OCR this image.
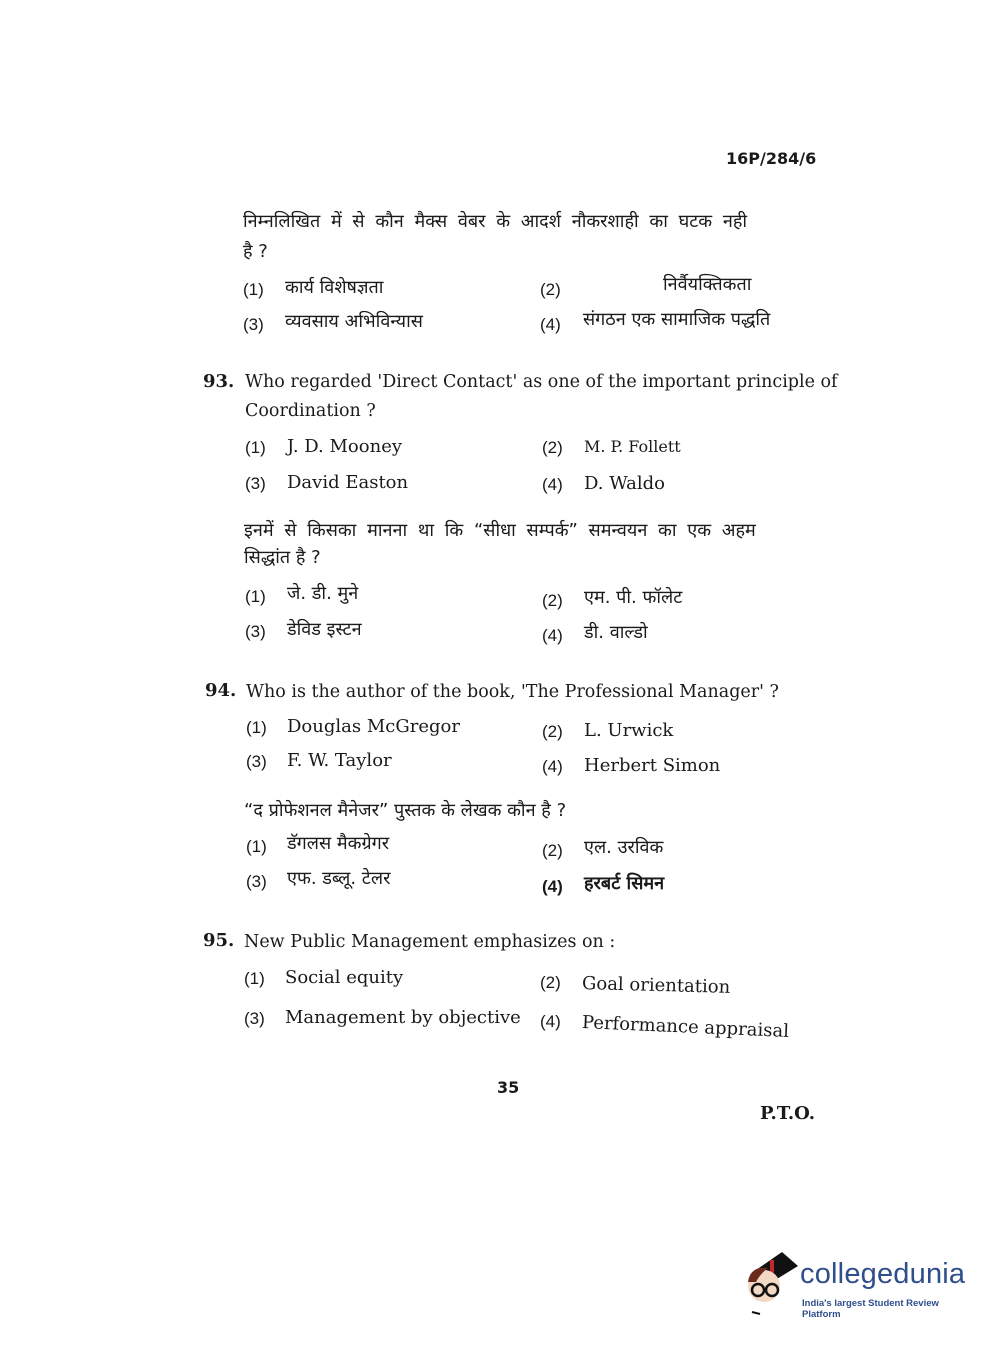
16P/284/6
निम्नलिखित में से कौन मैक्स वेबर के आदर्श नौकरशाही का घटक नही
है ?
(1) कार्य विशेषज्ञता	(2)	निर्वैयक्तिकता
(3) व्यवसाय अभिविन्यास	(4) संगठन एक सामाजिक पद्धति
93. Who regarded 'Direct Contact' as one of the important principle of
Coordination ?
(1) J. D. Mooney	(2) M. P. Follett
(3) David Easton	(4) D. Waldo
इनमें से किसका मानना था कि “सीधा सम्पर्क” समन्वयन का एक अहम
सिद्धांत है ?
(1) जे. डी. मुने	(2) एम. पी. फॉलेट
(3) डेविड इस्टन	(4) डी. वाल्डो
94. Who is the author of the book, 'The Professional Manager' ?
(1) Douglas McGregor	(2) L. Urwick
(3) F. W. Taylor	(4) Herbert Simon
“द प्रोफेशनल मैनेजर” पुस्तक के लेखक कौन है ?
(1) डॅगलस मैकग्रेगर	(2) एल. उरविक
(3) एफ. डब्लू. टेलर	(4) हरबर्ट सिमन
95. New Public Management emphasizes on :
(1) Social equity	(2) Goal orientation
(3) Management by objective (4) Performance appraisal
35
P.T.O.
collegedunia
India's largest Student Review Platform
